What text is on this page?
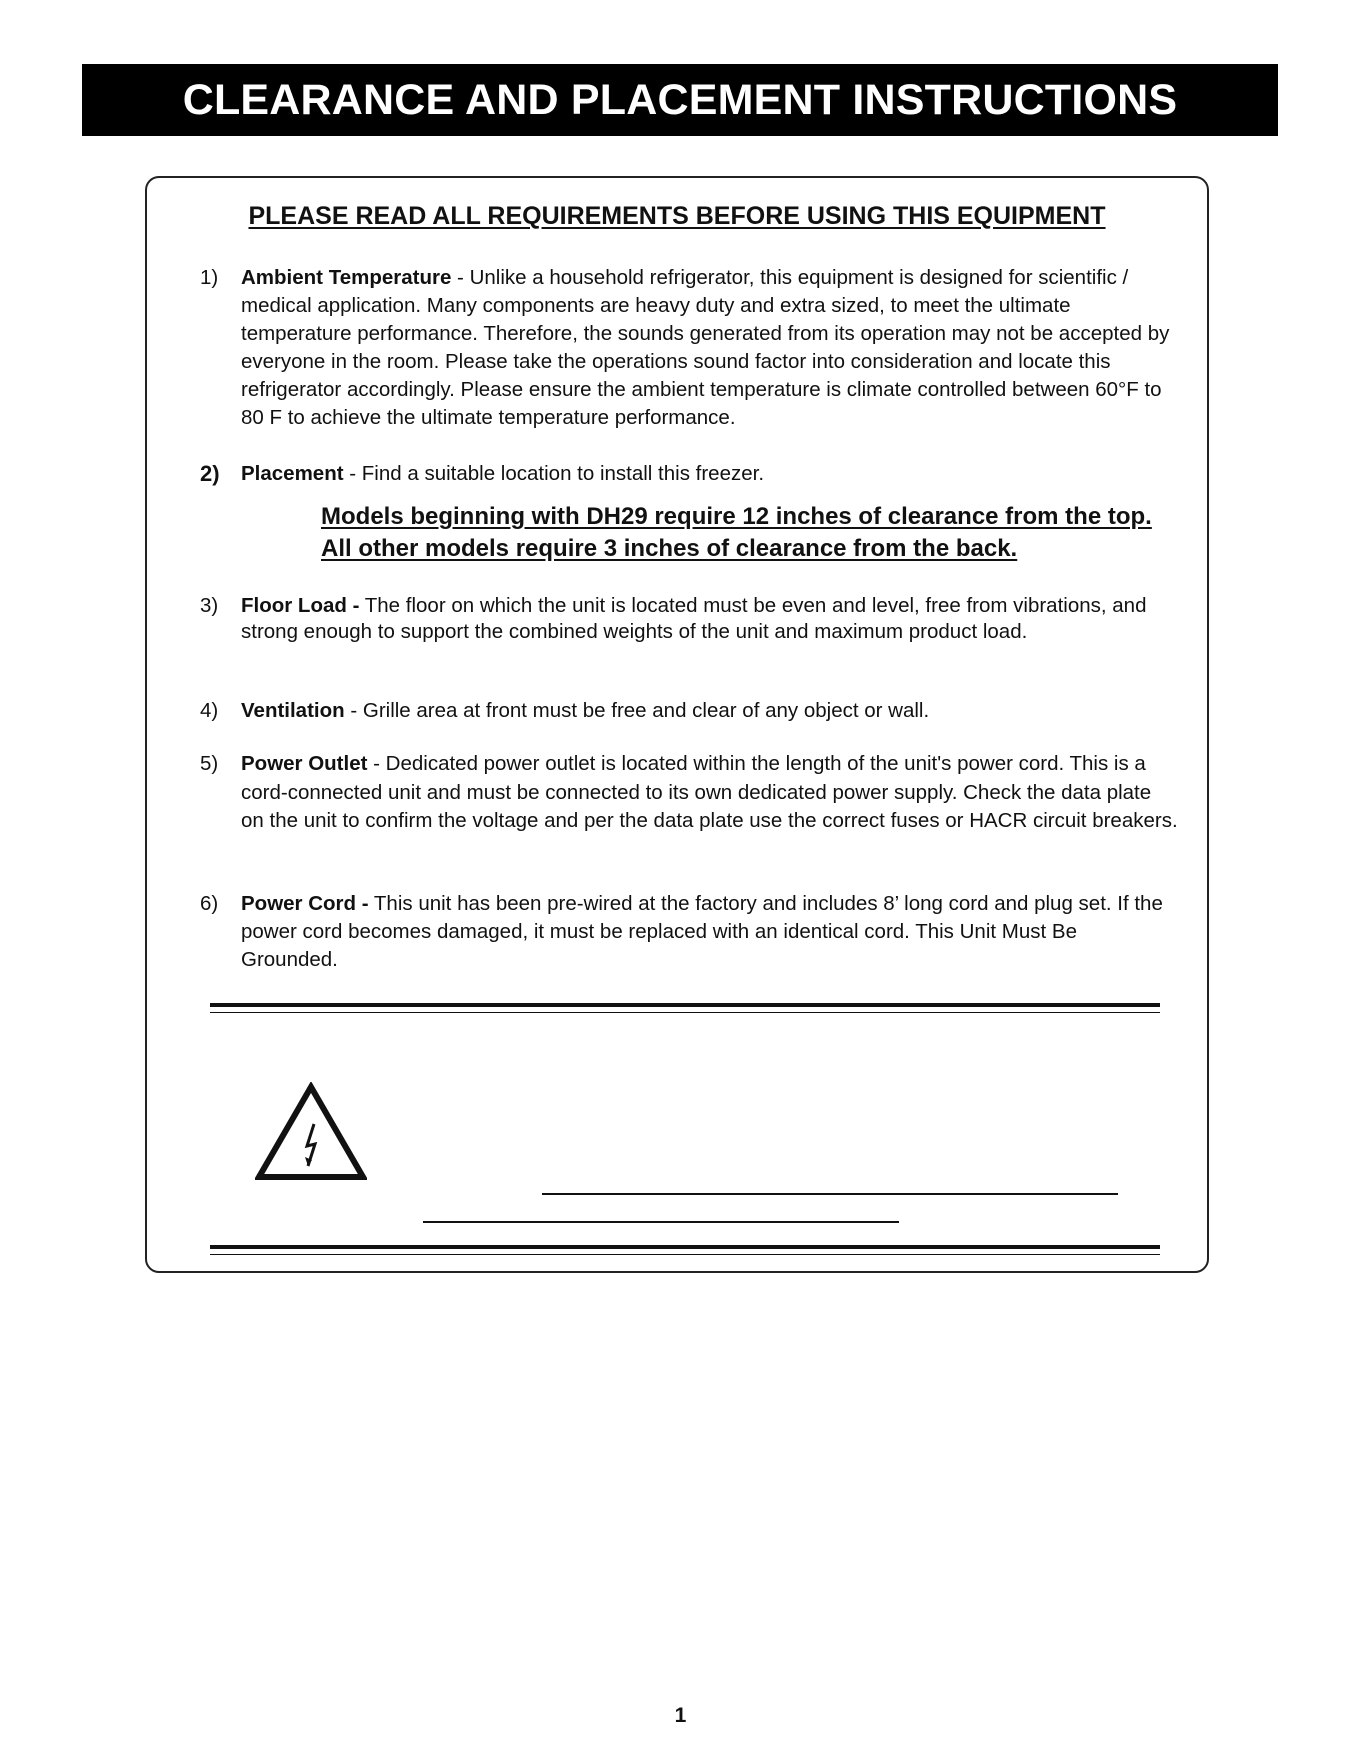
CLEARANCE AND PLACEMENT INSTRUCTIONS
PLEASE READ ALL REQUIREMENTS BEFORE USING THIS EQUIPMENT
1)	Ambient Temperature - Unlike a household refrigerator, this equipment is designed for scientific / medical application. Many components are heavy duty and extra sized, to meet the ultimate temperature performance. Therefore, the sounds generated from its operation may not be accepted by everyone in the room. Please take the operations sound factor into consideration and locate this refrigerator accordingly. Please ensure the ambient temperature is climate controlled between 60°F to 80 F to achieve the ultimate temperature performance.
2)	Placement - Find a suitable location to install this freezer.
Models beginning with DH29 require 12 inches of clearance from the top.
All other models require 3 inches of clearance from the back.
3)	Floor Load - The floor on which the unit is located must be even and level, free from vibrations, and strong enough to support the combined weights of the unit and maximum product load.
4)	Ventilation - Grille area at front must be free and clear of any object or wall.
5)	Power Outlet - Dedicated power outlet is located within the length of the unit's power cord. This is a cord-connected unit and must be connected to its own dedicated power supply. Check the data plate on the unit to confirm the voltage and per the data plate use the correct fuses or HACR circuit breakers.
6)	Power Cord - This unit has been pre-wired at the factory and includes 8’ long cord and plug set. If the power cord becomes damaged, it must be replaced with an identical cord. This Unit Must Be Grounded.
1
